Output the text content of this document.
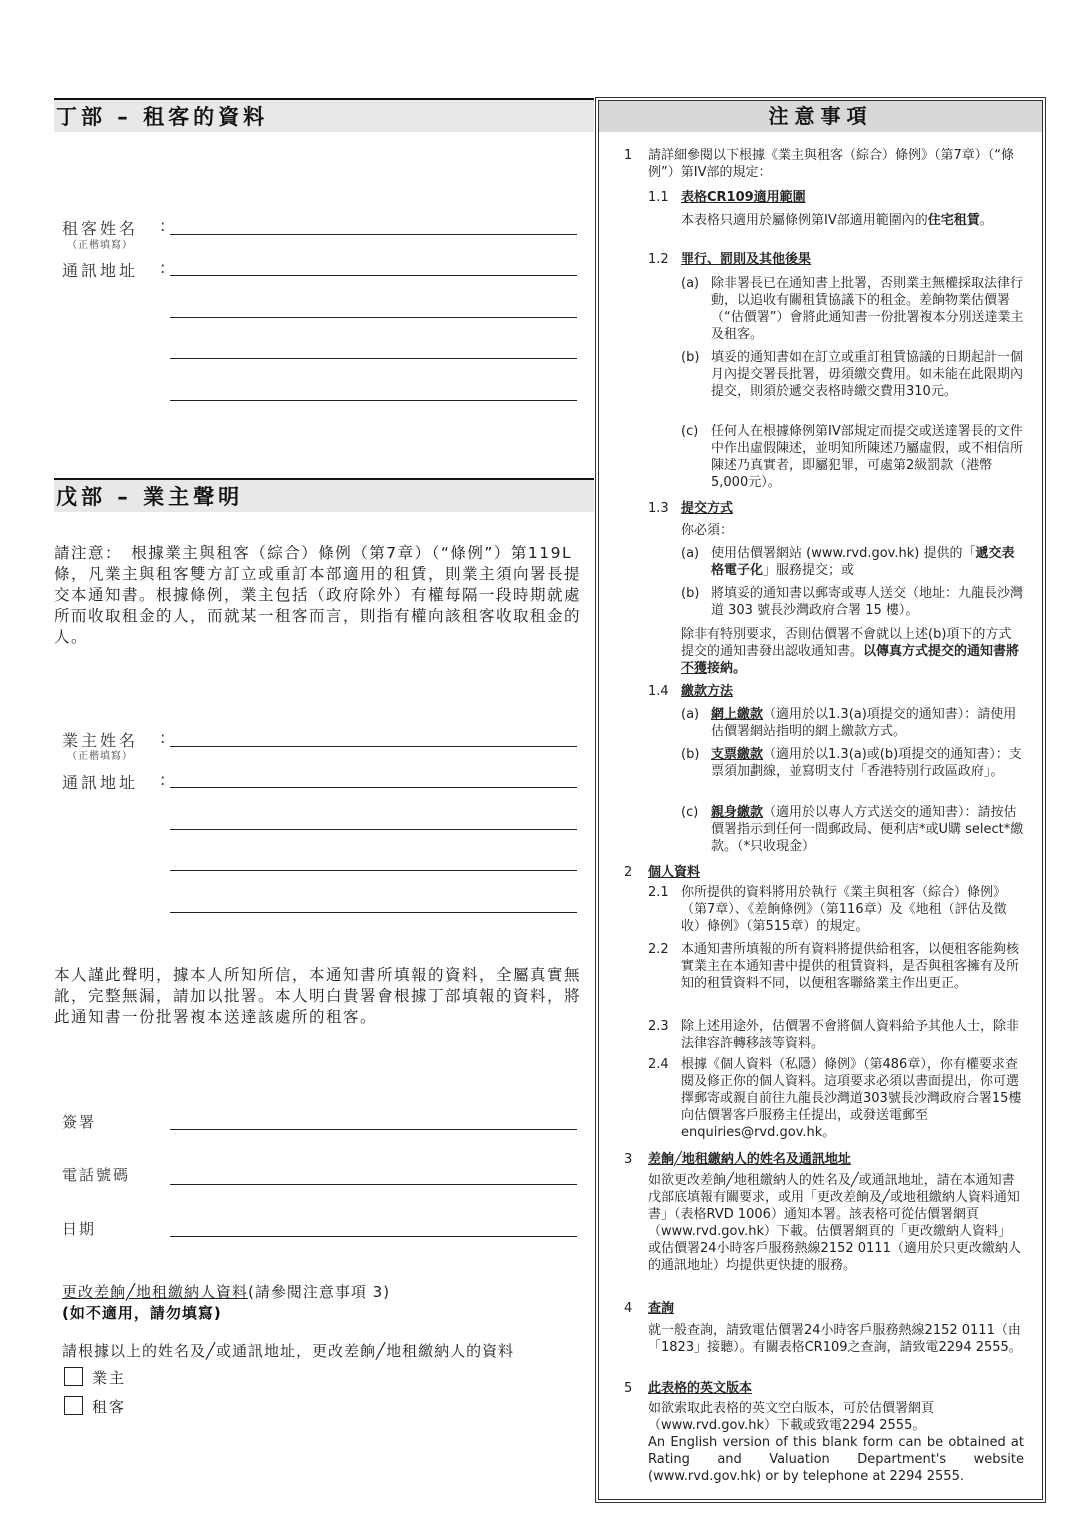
丁部 – 租客的資料
租客姓名
（正楷填寫）
:
通訊地址 :
戊部 – 業主聲明
請注意：　根據業主與租客（綜合）條例（第7章）（“條例”）第119L條，凡業主與租客雙方訂立或重訂本部適用的租賃，則業主須向署長提交本通知書。根據條例，業主包括（政府除外）有權每隔一段時期就處所而收取租金的人，而就某一租客而言，則指有權向該租客收取租金的人。
業主姓名
（正楷填寫）
:
通訊地址 :
本人謹此聲明，據本人所知所信，本通知書所填報的資料，全屬真實無訛，完整無漏，請加以批署。本人明白貴署會根據丁部填報的資料，將此通知書一份批署複本送達該處所的租客。
簽署
電話號碼
日期
更改差餉╱地租繳納人資料(請參閱注意事項 3)
(如不適用，請勿填寫)
請根據以上的姓名及╱或通訊地址，更改差餉╱地租繳納人的資料
業主
租客
注意事項
1 請詳細參閱以下根據《業主與租客（綜合）條例》（第7章）（“條例”）第IV部的規定：
1.1 表格CR109適用範圍
本表格只適用於屬條例第IV部適用範圍內的住宅租賃。
1.2 罪行、罰則及其他後果
(a) 除非署長已在通知書上批署，否則業主無權採取法律行動，以追收有關租賃協議下的租金。差餉物業估價署（“估價署”）會將此通知書一份批署複本分別送達業主及租客。
(b) 填妥的通知書如在訂立或重訂租賃協議的日期起計一個月內提交署長批署，毋須繳交費用。如未能在此限期內提交，則須於遞交表格時繳交費用310元。
(c) 任何人在根據條例第IV部規定而提交或送達署長的文件中作出虛假陳述，並明知所陳述乃屬虛假，或不相信所陳述乃真實者，即屬犯罪，可處第2級罰款（港幣5,000元）。
1.3 提交方式
你必須：
(a) 使用估價署網站 (www.rvd.gov.hk) 提供的「遞交表格電子化」服務提交；或
(b) 將填妥的通知書以郵寄或專人送交（地址：九龍長沙灣道 303 號長沙灣政府合署 15 樓）。
除非有特別要求，否則估價署不會就以上述(b)項下的方式提交的通知書發出認收通知書。以傳真方式提交的通知書將不獲接納。
1.4 繳款方法
(a) 網上繳款（適用於以1.3(a)項提交的通知書）：請使用估價署網站指明的網上繳款方式。
(b) 支票繳款（適用於以1.3(a)或(b)項提交的通知書）：支票須加劃線，並寫明支付「香港特別行政區政府」。
(c) 親身繳款（適用於以專人方式送交的通知書）：請按估價署指示到任何一間郵政局、便利店*或U購 select*繳款。（*只收現金）
2 個人資料
2.1 你所提供的資料將用於執行《業主與租客（綜合）條例》（第7章）、《差餉條例》（第116章）及《地租（評估及徵收）條例》（第515章）的規定。
2.2 本通知書所填報的所有資料將提供給租客，以便租客能夠核實業主在本通知書中提供的租賃資料，是否與租客擁有及所知的租賃資料不同，以便租客聯絡業主作出更正。
2.3 除上述用途外，估價署不會將個人資料給予其他人士，除非法律容許轉移該等資料。
2.4 根據《個人資料（私隱）條例》（第486章），你有權要求查閱及修正你的個人資料。這項要求必須以書面提出，你可選擇郵寄或親自前往九龍長沙灣道303號長沙灣政府合署15樓向估價署客戶服務主任提出，或發送電郵至enquiries@rvd.gov.hk。
3 差餉╱地租繳納人的姓名及通訊地址
如欲更改差餉╱地租繳納人的姓名及╱或通訊地址，請在本通知書戊部底填報有關要求，或用「更改差餉及╱或地租繳納人資料通知書」（表格RVD 1006）通知本署。該表格可從估價署網頁（www.rvd.gov.hk）下載。估價署網頁的「更改繳納人資料」或估價署24小時客戶服務熱線2152 0111（適用於只更改繳納人的通訊地址）均提供更快捷的服務。
4 查詢
就一般查詢，請致電估價署24小時客戶服務熱線2152 0111（由「1823」接聽）。有關表格CR109之查詢，請致電2294 2555。
5 此表格的英文版本
如欲索取此表格的英文空白版本，可於估價署網頁（www.rvd.gov.hk）下載或致電2294 2555。
An English version of this blank form can be obtained at Rating and Valuation Department's website (www.rvd.gov.hk) or by telephone at 2294 2555.
